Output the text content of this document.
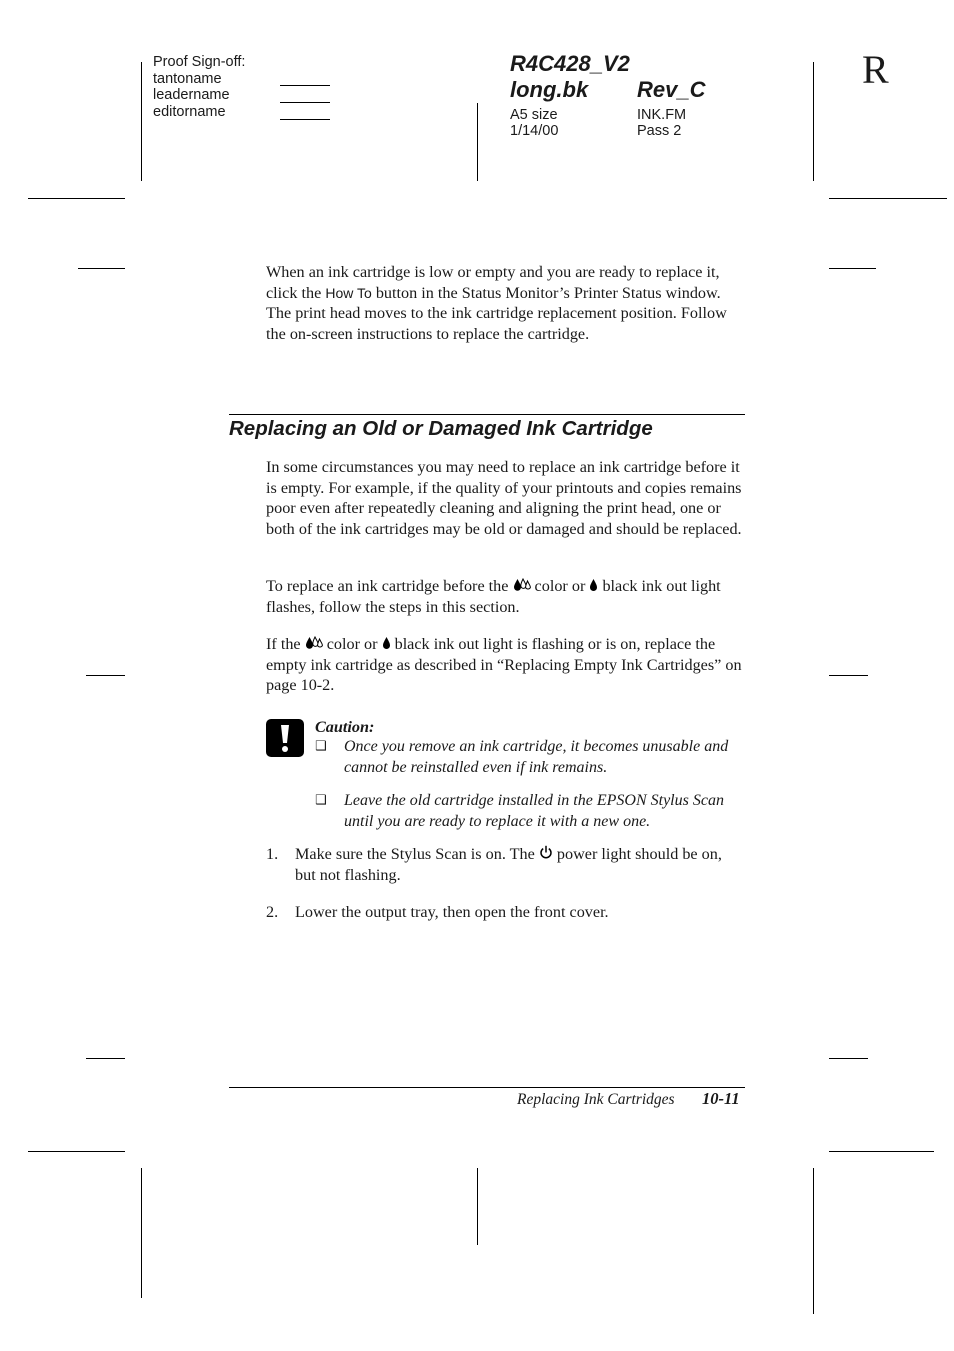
Proof Sign-off:
tantoname
leadername
editorname
R4C428_V2
long.bk Rev_C
A5 size
1/14/00
INK.FM
Pass 2
R
When an ink cartridge is low or empty and you are ready to replace it, click the How To button in the Status Monitor’s Printer Status window. The print head moves to the ink cartridge replacement position. Follow the on-screen instructions to replace the cartridge.
Replacing an Old or Damaged Ink Cartridge
In some circumstances you may need to replace an ink cartridge before it is empty. For example, if the quality of your printouts and copies remains poor even after repeatedly cleaning and aligning the print head, one or both of the ink cartridges may be old or damaged and should be replaced.
To replace an ink cartridge before the  color or  black ink out light flashes, follow the steps in this section.
If the  color or  black ink out light is flashing or is on, replace the empty ink cartridge as described in “Replacing Empty Ink Cartridges” on page 10-2.
Caution:
❑ Once you remove an ink cartridge, it becomes unusable and cannot be reinstalled even if ink remains.
❑ Leave the old cartridge installed in the EPSON Stylus Scan until you are ready to replace it with a new one.
1. Make sure the Stylus Scan is on. The  power light should be on, but not flashing.
2. Lower the output tray, then open the front cover.
Replacing Ink Cartridges 10-11
